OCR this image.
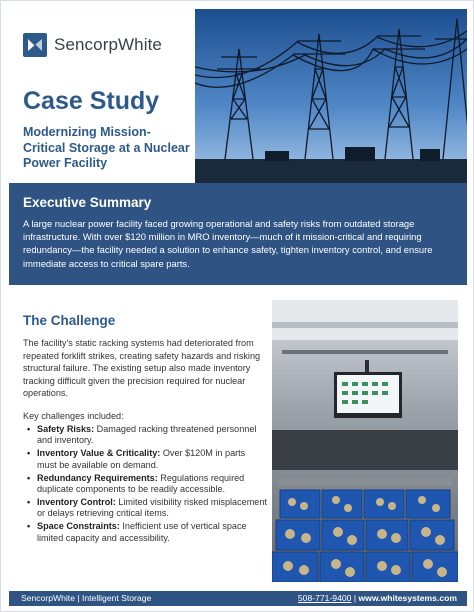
SencorpWhite
Case Study
Modernizing Mission-Critical Storage at a Nuclear Power Facility
Executive Summary
A large nuclear power facility faced growing operational and safety risks from outdated storage infrastructure. With over $120 million in MRO inventory—much of it mission-critical and requiring redundancy—the facility needed a solution to enhance safety, tighten inventory control, and ensure immediate access to critical spare parts.
The Challenge
The facility's static racking systems had deteriorated from repeated forklift strikes, creating safety hazards and risking structural failure. The existing setup also made inventory tracking difficult given the precision required for nuclear operations.
Key challenges included:
• Safety Risks: Damaged racking threatened personnel and inventory.
• Inventory Value & Criticality: Over $120M in parts must be available on demand.
• Redundancy Requirements: Regulations required duplicate components to be readily accessible.
• Inventory Control: Limited visibility risked misplacement or delays retrieving critical items.
• Space Constraints: Inefficient use of vertical space limited capacity and accessibility.
SencorpWhite | Intelligent Storage	508-771-9400 | www.whitesystems.com
